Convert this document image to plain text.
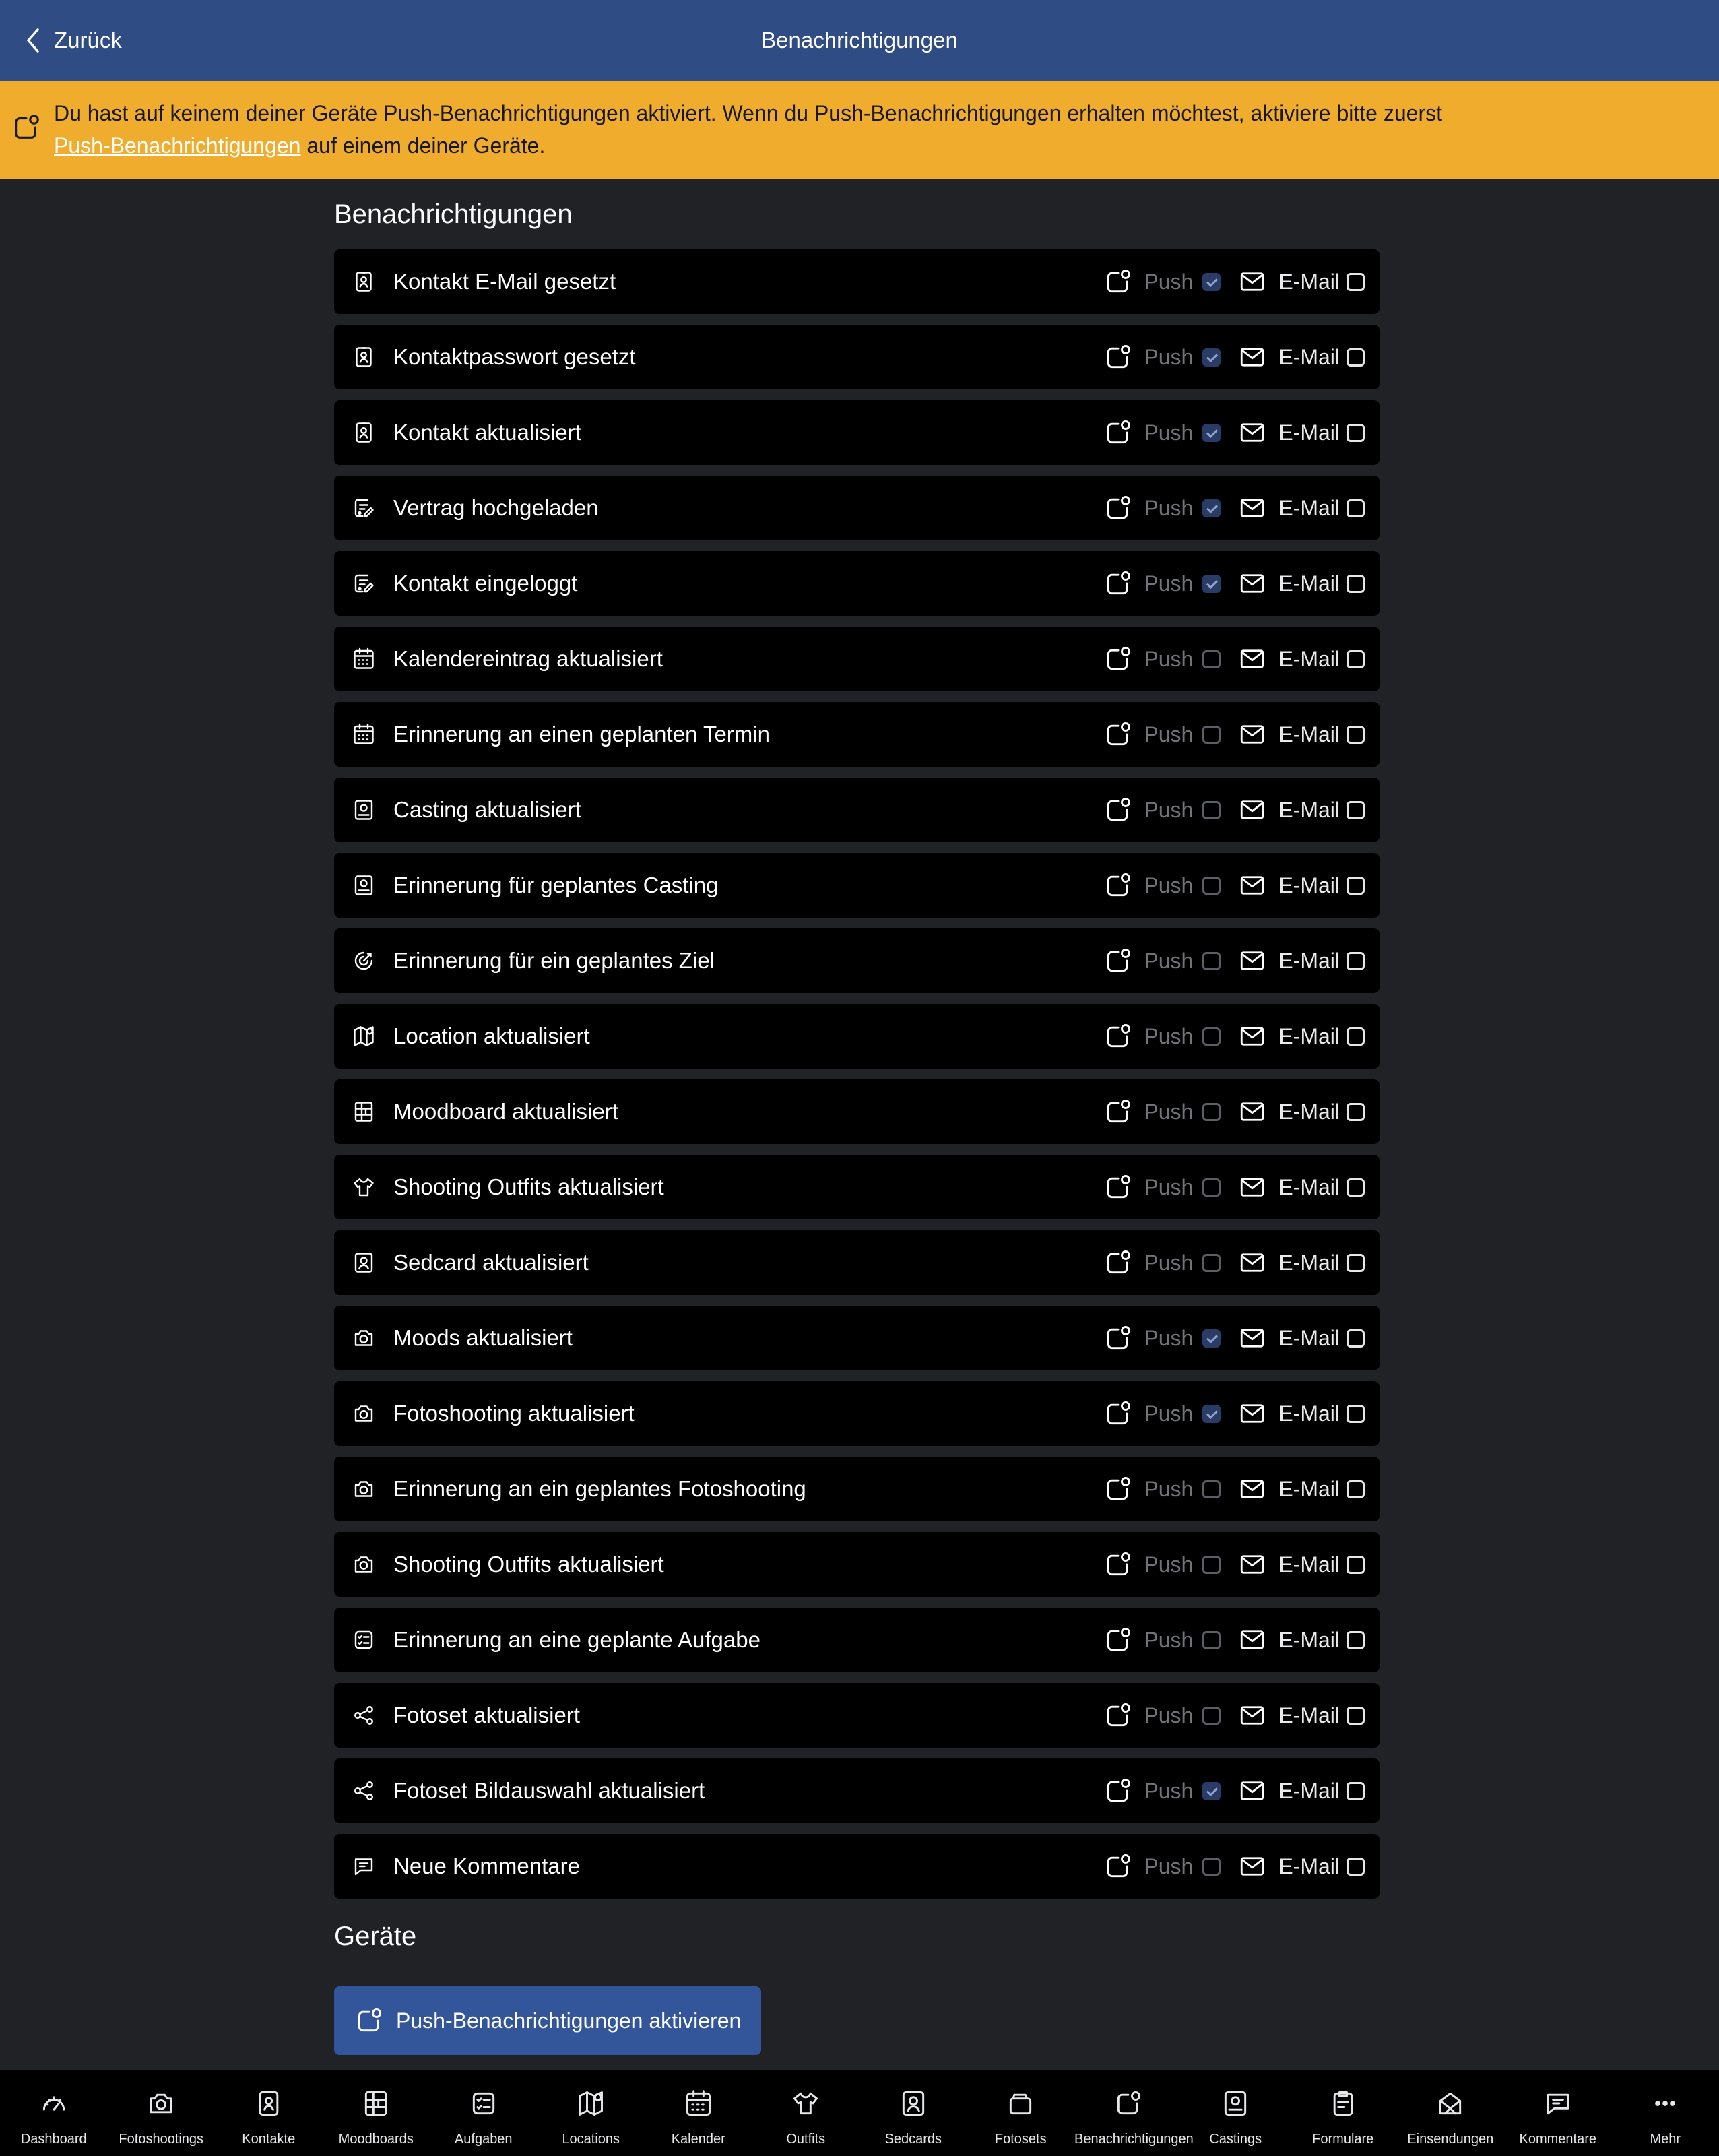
Zurück	Benachrichtigungen
Du hast auf keinem deiner Geräte Push-Benachrichtigungen aktiviert. Wenn du Push-Benachrichtigungen erhalten möchtest, aktiviere bitte zuerst
Push-Benachrichtigungen auf einem deiner Geräte.
Benachrichtigungen
Kontakt E-Mail gesetzt	Push	E-Mail
Kontaktpasswort gesetzt	Push	E-Mail
Kontakt aktualisiert	Push	E-Mail
Vertrag hochgeladen	Push	E-Mail
Kontakt eingeloggt	Push	E-Mail
Kalendereintrag aktualisiert	Push	E-Mail
Erinnerung an einen geplanten Termin	Push	E-Mail
Casting aktualisiert	Push	E-Mail
Erinnerung für geplantes Casting	Push	E-Mail
Erinnerung für ein geplantes Ziel	Push	E-Mail
Location aktualisiert	Push	E-Mail
Moodboard aktualisiert	Push	E-Mail
Shooting Outfits aktualisiert	Push	E-Mail
Sedcard aktualisiert	Push	E-Mail
Moods aktualisiert	Push	E-Mail
Fotoshooting aktualisiert	Push	E-Mail
Erinnerung an ein geplantes Fotoshooting	Push	E-Mail
Shooting Outfits aktualisiert	Push	E-Mail
Erinnerung an eine geplante Aufgabe	Push	E-Mail
Fotoset aktualisiert	Push	E-Mail
Fotoset Bildauswahl aktualisiert	Push	E-Mail
Neue Kommentare	Push	E-Mail
Geräte
Push-Benachrichtigungen aktivieren
Dashboard	Fotoshootings	Kontakte	Moodboards	Aufgaben	Locations	Kalender	Outfits	Sedcards	Fotosets	Benachrichtigungen	Castings	Formulare	Einsendungen	Kommentare	Mehr
